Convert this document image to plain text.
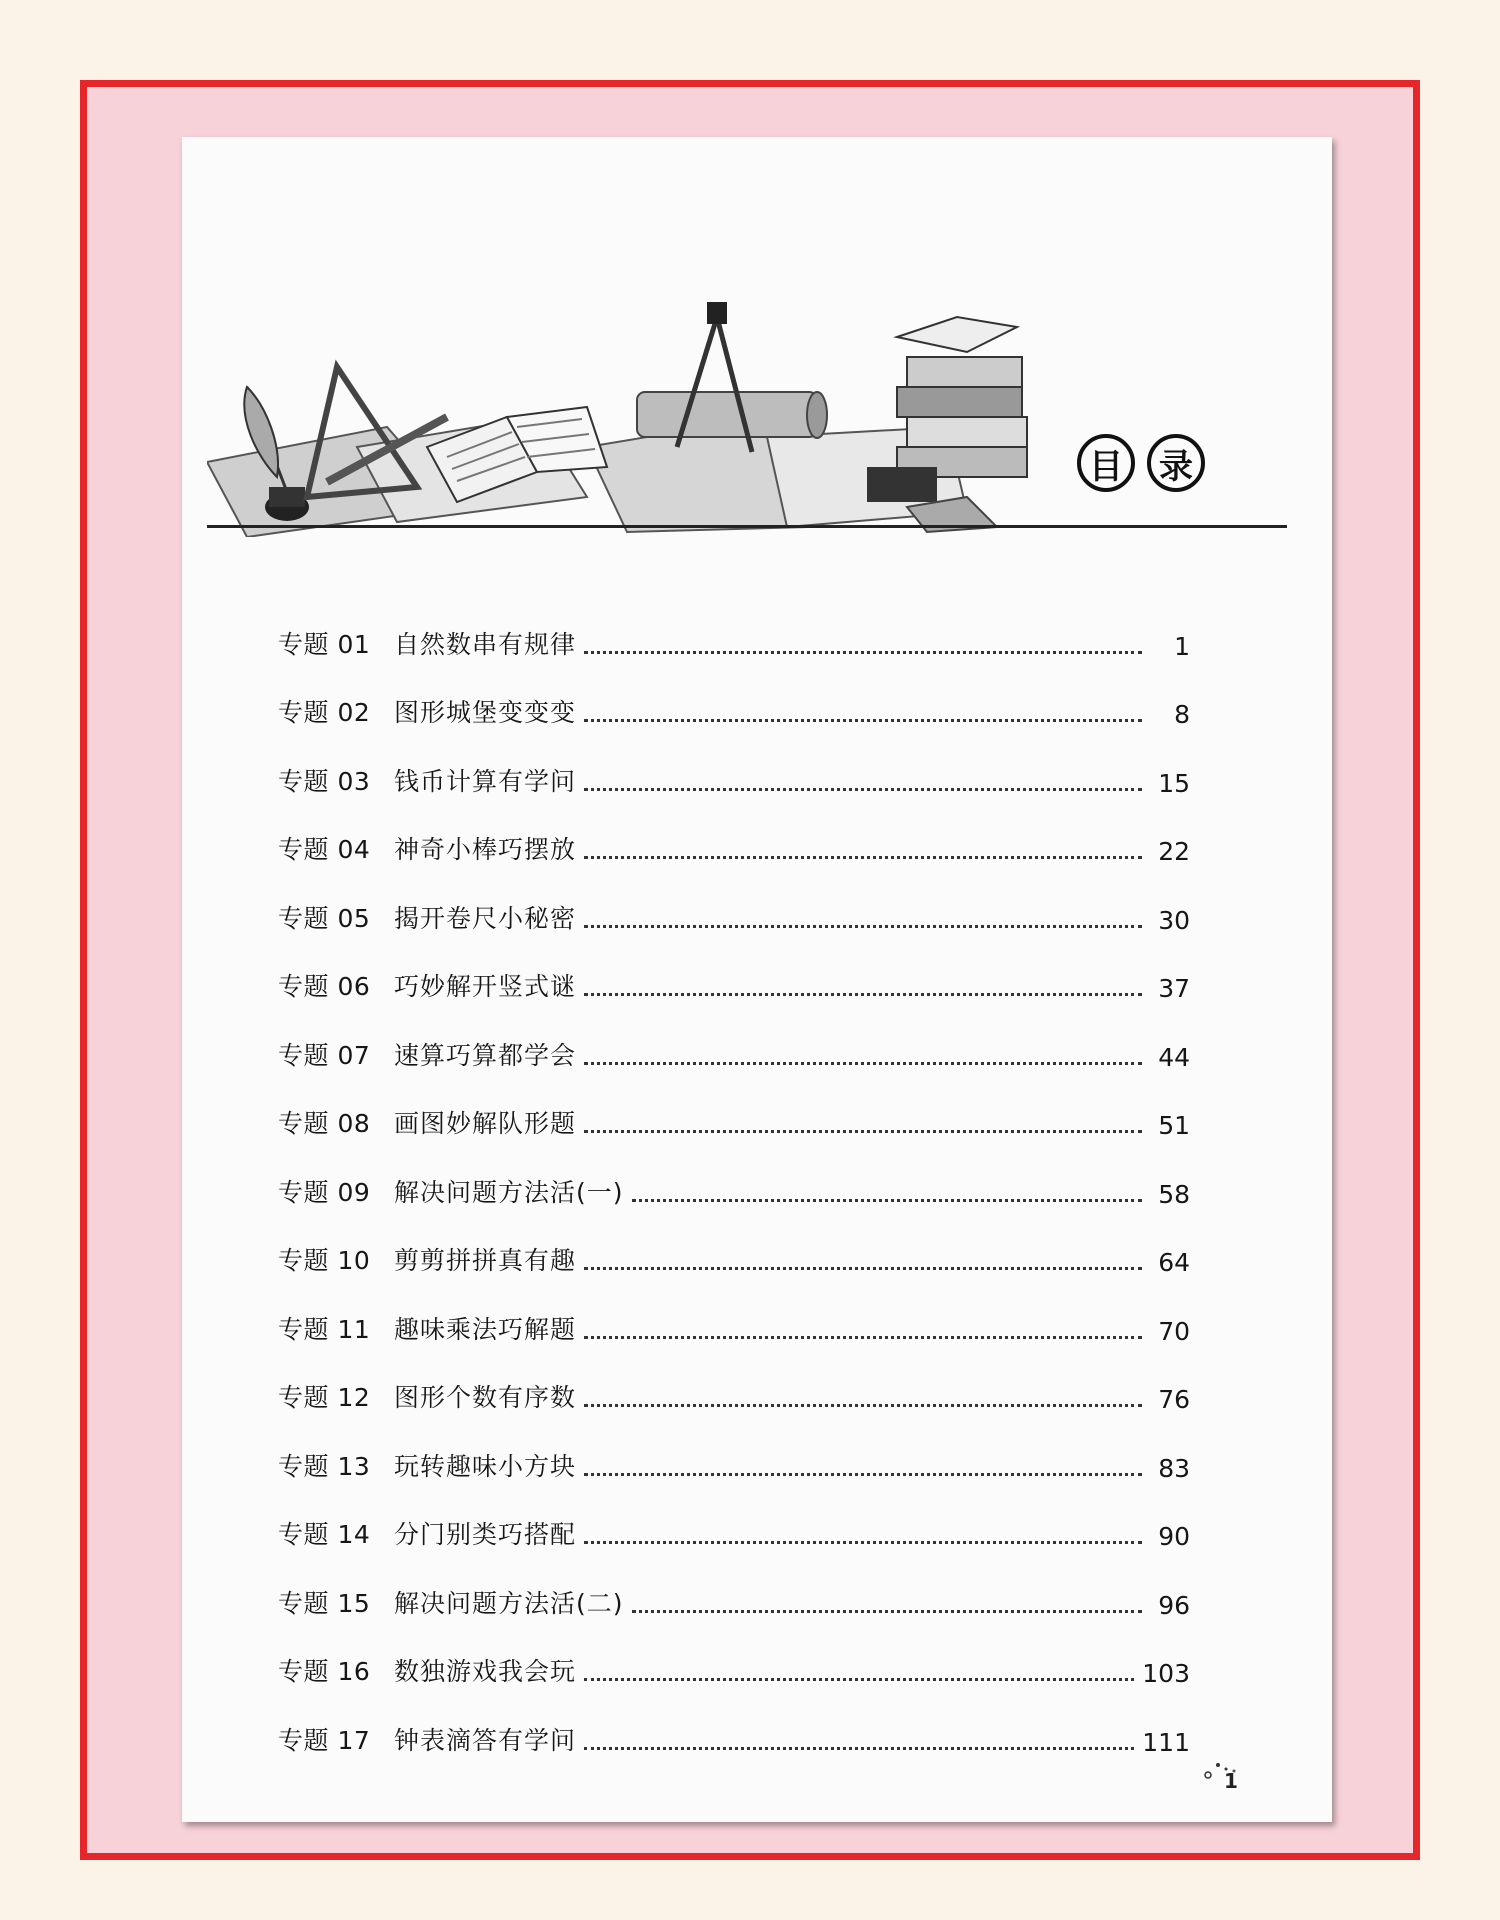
目	录
专题 01 自然数串有规律	1
专题 02 图形城堡变变变	8
专题 03 钱币计算有学问	15
专题 04 神奇小棒巧摆放	22
专题 05 揭开卷尺小秘密	30
专题 06 巧妙解开竖式谜	37
专题 07 速算巧算都学会	44
专题 08 画图妙解队形题	51
专题 09 解决问题方法活(一)	58
专题 10 剪剪拼拼真有趣	64
专题 11 趣味乘法巧解题	70
专题 12 图形个数有序数	76
专题 13 玩转趣味小方块	83
专题 14 分门别类巧搭配	90
专题 15 解决问题方法活(二)	96
专题 16 数独游戏我会玩	103
专题 17 钟表滴答有学问	111
1
